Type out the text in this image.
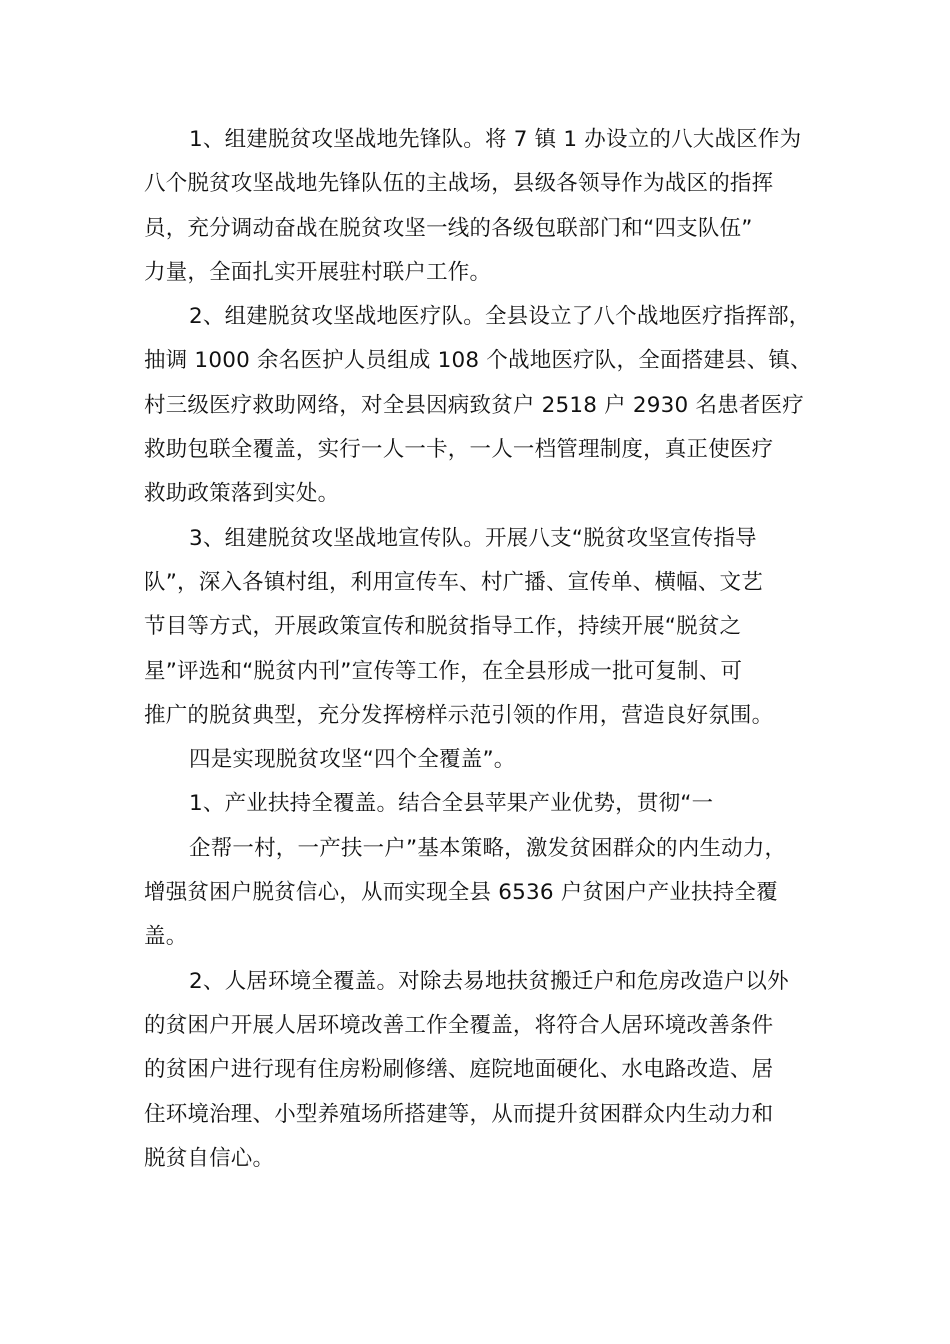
1、组建脱贫攻坚战地先锋队。将 7 镇 1 办设立的八大战区作为
八个脱贫攻坚战地先锋队伍的主战场，县级各领导作为战区的指挥
员，充分调动奋战在脱贫攻坚一线的各级包联部门和“四支队伍”
力量，全面扎实开展驻村联户工作。
2、组建脱贫攻坚战地医疗队。全县设立了八个战地医疗指挥部，
抽调 1000 余名医护人员组成 108 个战地医疗队，全面搭建县、镇、
村三级医疗救助网络，对全县因病致贫户 2518 户 2930 名患者医疗
救助包联全覆盖，实行一人一卡，一人一档管理制度，真正使医疗
救助政策落到实处。
3、组建脱贫攻坚战地宣传队。开展八支“脱贫攻坚宣传指导
队”，深入各镇村组，利用宣传车、村广播、宣传单、横幅、文艺
节目等方式，开展政策宣传和脱贫指导工作，持续开展“脱贫之
星”评选和“脱贫内刊”宣传等工作，在全县形成一批可复制、可
推广的脱贫典型，充分发挥榜样示范引领的作用，营造良好氛围。
四是实现脱贫攻坚“四个全覆盖”。
1、产业扶持全覆盖。结合全县苹果产业优势，贯彻“一
企帮一村，一产扶一户”基本策略，激发贫困群众的内生动力，
增强贫困户脱贫信心，从而实现全县 6536 户贫困户产业扶持全覆
盖。
2、人居环境全覆盖。对除去易地扶贫搬迁户和危房改造户以外
的贫困户开展人居环境改善工作全覆盖，将符合人居环境改善条件
的贫困户进行现有住房粉刷修缮、庭院地面硬化、水电路改造、居
住环境治理、小型养殖场所搭建等，从而提升贫困群众内生动力和
脱贫自信心。
